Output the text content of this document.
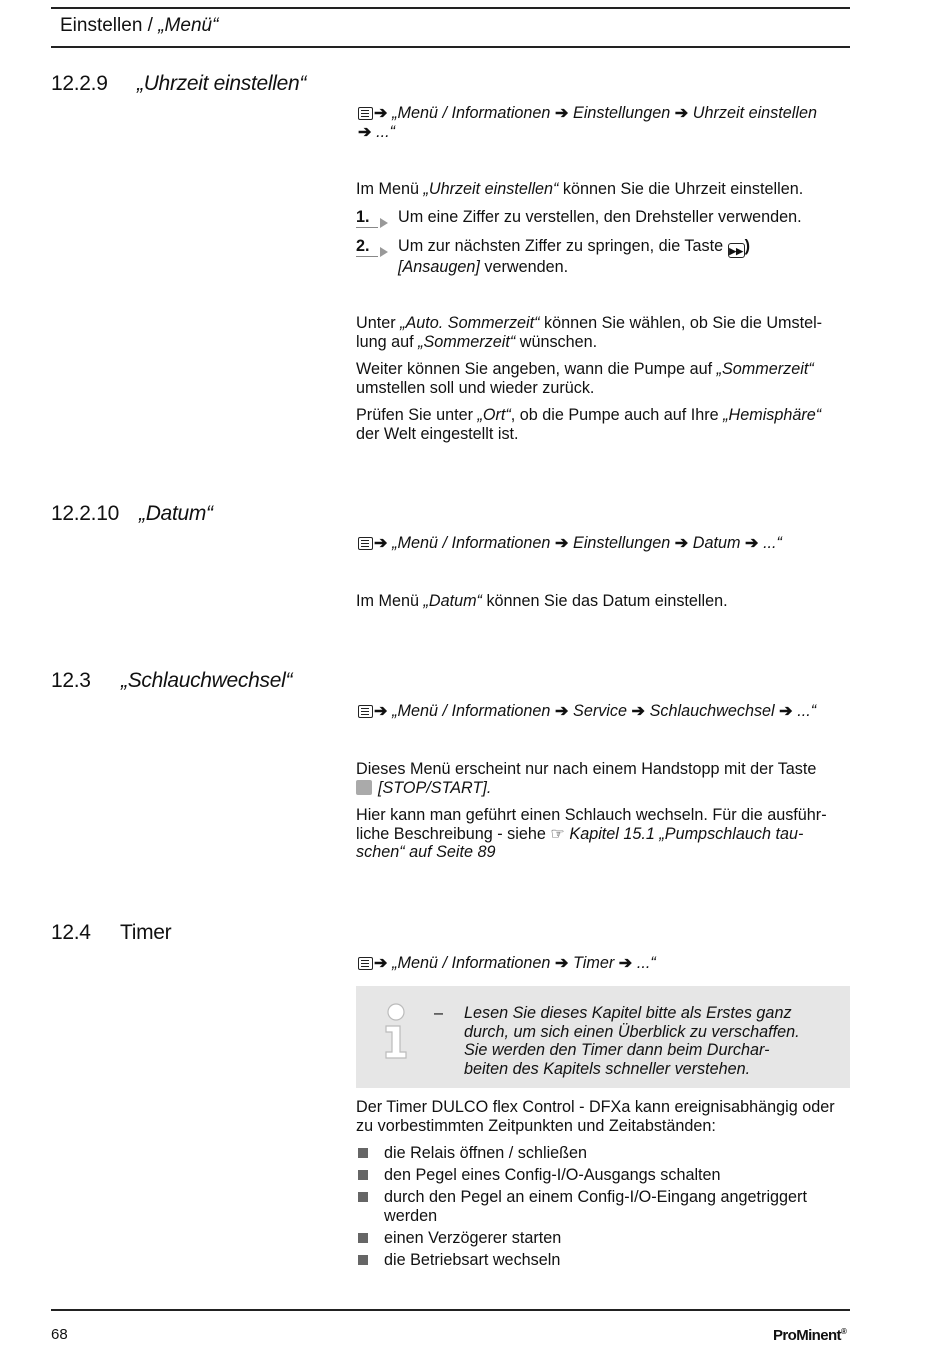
Einstellen / „Menü“
12.2.9 „Uhrzeit einstellen“
➔ „Menü / Informationen ➔ Einstellungen ➔ Uhrzeit einstellen
➔ ...“
Im Menü „Uhrzeit einstellen“ können Sie die Uhrzeit einstellen.
1. Um eine Ziffer zu verstellen, den Drehsteller verwenden.
2. Um zur nächsten Ziffer zu springen, die Taste ▶▶)
[Ansaugen] verwenden.
Unter „Auto. Sommerzeit“ können Sie wählen, ob Sie die Umstel-
lung auf „Sommerzeit“ wünschen.
Weiter können Sie angeben, wann die Pumpe auf „Sommerzeit“
umstellen soll und wieder zurück.
Prüfen Sie unter „Ort“, ob die Pumpe auch auf Ihre „Hemisphäre“
der Welt eingestellt ist.
12.2.10 „Datum“
➔ „Menü / Informationen ➔ Einstellungen ➔ Datum ➔ ...“
Im Menü „Datum“ können Sie das Datum einstellen.
12.3 „Schlauchwechsel“
➔ „Menü / Informationen ➔ Service ➔ Schlauchwechsel ➔ ...“
Dieses Menü erscheint nur nach einem Handstopp mit der Taste
[STOP/START].
Hier kann man geführt einen Schlauch wechseln. Für die ausführ-
liche Beschreibung - siehe ☞ Kapitel 15.1 „Pumpschlauch tau-
schen“ auf Seite 89
12.4 Timer
➔ „Menü / Informationen ➔ Timer ➔ ...“
– Lesen Sie dieses Kapitel bitte als Erstes ganz
durch, um sich einen Überblick zu verschaffen.
Sie werden den Timer dann beim Durchar-
beiten des Kapitels schneller verstehen.
Der Timer DULCO flex Control - DFXa kann ereignisabhängig oder
zu vorbestimmten Zeitpunkten und Zeitabständen:
die Relais öffnen / schließen
den Pegel eines Config-I/O-Ausgangs schalten
durch den Pegel an einem Config-I/O-Eingang angetriggert werden
einen Verzögerer starten
die Betriebsart wechseln
68	ProMinent®
